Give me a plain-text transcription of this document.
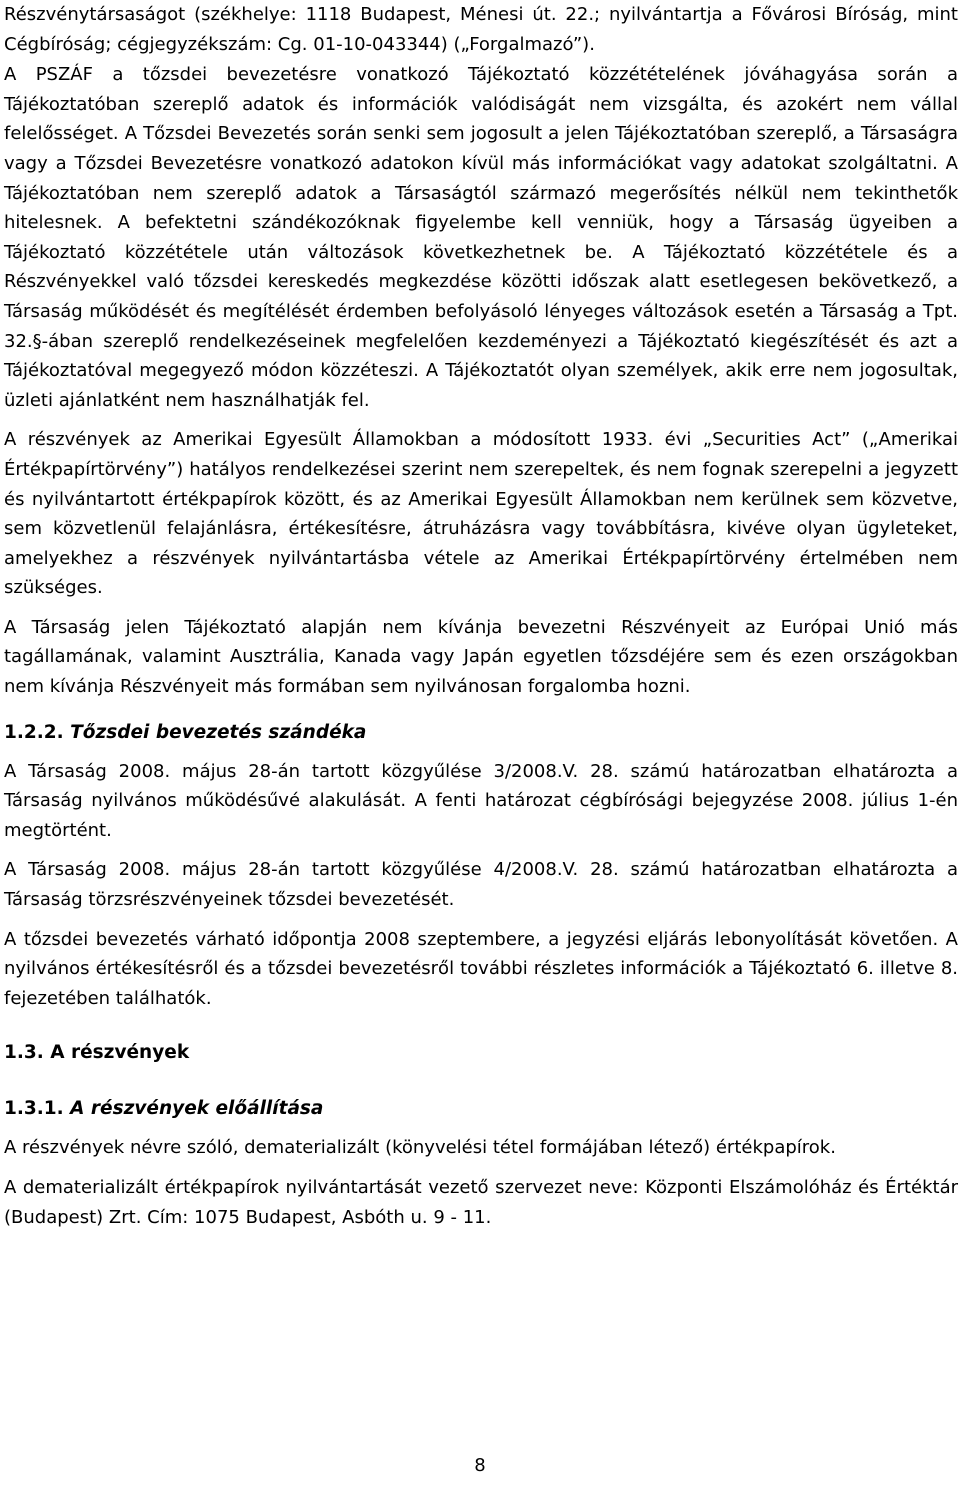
Részvénytársaságot (székhelye: 1118 Budapest, Ménesi út. 22.; nyilvántartja a Fővárosi Bíróság, mint Cégbíróság; cégjegyzékszám: Cg. 01-10-043344) („Forgalmazó”).

A PSZÁF a tőzsdei bevezetésre vonatkozó Tájékoztató közzétételének jóváhagyása során a Tájékoztatóban szereplő adatok és információk valódiságát nem vizsgálta, és azokért nem vállal felelősséget. A Tőzsdei Bevezetés során senki sem jogosult a jelen Tájékoztatóban szereplő, a Társaságra vagy a Tőzsdei Bevezetésre vonatkozó adatokon kívül más információkat vagy adatokat szolgáltatni. A Tájékoztatóban nem szereplő adatok a Társaságtól származó megerősítés nélkül nem tekinthetők hitelesnek. A befektetni szándékozóknak figyelembe kell venniük, hogy a Társaság ügyeiben a Tájékoztató közzététele után változások következhetnek be. A Tájékoztató közzététele és a Részvényekkel való tőzsdei kereskedés megkezdése közötti időszak alatt esetlegesen bekövetkező, a Társaság működését és megítélését érdemben befolyásoló lényeges változások esetén a Társaság a Tpt. 32.§-ában szereplő rendelkezéseinek megfelelően kezdeményezi a Tájékoztató kiegészítését és azt a Tájékoztatóval megegyező módon közzéteszi. A Tájékoztatót olyan személyek, akik erre nem jogosultak, üzleti ajánlatként nem használhatják fel.

A részvények az Amerikai Egyesült Államokban a módosított 1933. évi „Securities Act” („Amerikai Értékpapírtörvény”) hatályos rendelkezései szerint nem szerepeltek, és nem fognak szerepelni a jegyzett és nyilvántartott értékpapírok között, és az Amerikai Egyesült Államokban nem kerülnek sem közvetve, sem közvetlenül felajánlásra, értékesítésre, átruházásra vagy továbbításra, kivéve olyan ügyleteket, amelyekhez a részvények nyilvántartásba vétele az Amerikai Értékpapírtörvény értelmében nem szükséges.

A Társaság jelen Tájékoztató alapján nem kívánja bevezetni Részvényeit az Európai Unió más tagállamának, valamint Ausztrália, Kanada vagy Japán egyetlen tőzsdéjére sem és ezen országokban nem kívánja Részvényeit más formában sem nyilvánosan forgalomba hozni.

1.2.2. Tőzsdei bevezetés szándéka

A Társaság 2008. május 28-án tartott közgyűlése 3/2008.V. 28. számú határozatban elhatározta a Társaság nyilvános működésűvé alakulását. A fenti határozat cégbírósági bejegyzése 2008. július 1-én megtörtént.

A Társaság 2008. május 28-án tartott közgyűlése 4/2008.V. 28. számú határozatban elhatározta a Társaság törzsrészvényeinek tőzsdei bevezetését.

A tőzsdei bevezetés várható időpontja 2008 szeptembere, a jegyzési eljárás lebonyolítását követően. A nyilvános értékesítésről és a tőzsdei bevezetésről további részletes információk a Tájékoztató 6. illetve 8. fejezetében találhatók.

1.3. A részvények
1.3.1. A részvények előállítása

A részvények névre szóló, dematerializált (könyvelési tétel formájában létező) értékpapírok.

A dematerializált értékpapírok nyilvántartását vezető szervezet neve: Központi Elszámolóház és Értéktár (Budapest) Zrt. Cím: 1075 Budapest, Asbóth u. 9 - 11.

8
